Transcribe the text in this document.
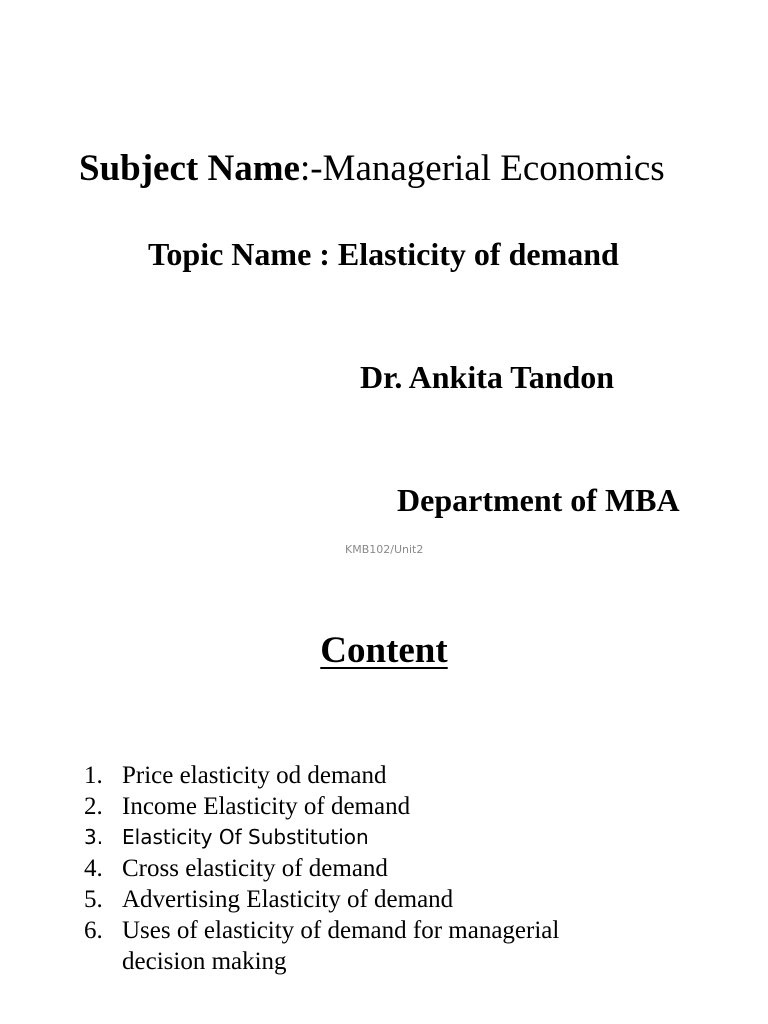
Subject Name:-Managerial Economics
Topic Name : Elasticity of demand
Dr. Ankita Tandon
Department of MBA
KMB102/Unit2
Content
1. Price elasticity od demand
2. Income Elasticity of demand
3. Elasticity Of Substitution
4. Cross elasticity of demand
5. Advertising Elasticity of demand
6. Uses of elasticity of demand for managerial decision making
